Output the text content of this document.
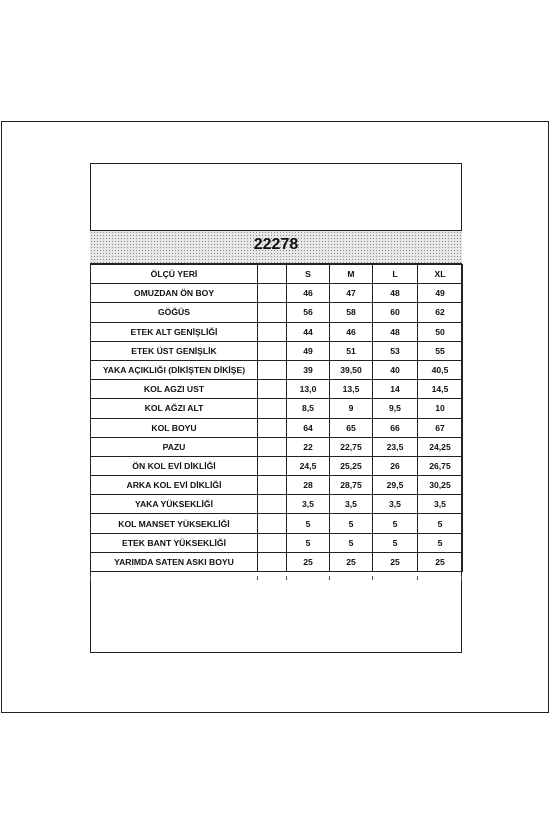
22278
ÖLÇÜ YERİ		S	M	L	XL
OMUZDAN ÖN BOY		46	47	48	49
GÖĞÜS		56	58	60	62
ETEK ALT GENİŞLİĞİ		44	46	48	50
ETEK ÜST GENİŞLİK		49	51	53	55
YAKA AÇIKLIĞI (DİKİŞTEN DİKİŞE)		39	39,50	40	40,5
KOL AGZI UST		13,0	13,5	14	14,5
KOL AĞZI ALT		8,5	9	9,5	10
KOL BOYU		64	65	66	67
PAZU		22	22,75	23,5	24,25
ÖN KOL EVİ DİKLİĞİ		24,5	25,25	26	26,75
ARKA KOL EVİ DİKLİĞİ		28	28,75	29,5	30,25
YAKA YÜKSEKLİĞİ		3,5	3,5	3,5	3,5
KOL MANSET YÜKSEKLİĞİ		5	5	5	5
ETEK BANT YÜKSEKLİĞİ		5	5	5	5
YARIMDA SATEN ASKI BOYU		25	25	25	25
